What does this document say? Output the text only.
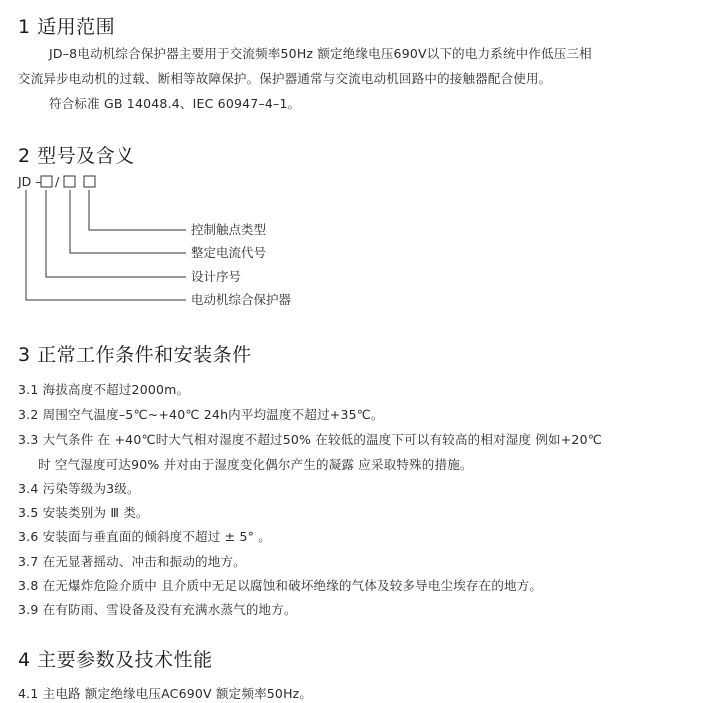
1 适用范围

JD–8电动机综合保护器主要用于交流频率50Hz 额定绝缘电压690V以下的电力系统中作低压三相

交流异步电动机的过载、断相等故障保护。保护器通常与交流电动机回路中的接触器配合使用。

符合标准 GB 14048.4、IEC 60947–4–1。

2 型号及含义
JD – /
控制触点类型
整定电流代号
设计序号
电动机综合保护器
3 正常工作条件和安装条件

3.1 海拔高度不超过2000m。

3.2 周围空气温度–5℃~+40℃ 24h内平均温度不超过+35℃。

3.3 大气条件 在 +40℃时大气相对湿度不超过50% 在较低的温度下可以有较高的相对湿度 例如+20℃

时 空气湿度可达90% 并对由于湿度变化偶尔产生的凝露 应采取特殊的措施。

3.4 污染等级为3级。

3.5 安装类别为 Ⅲ 类。

3.6 安装面与垂直面的倾斜度不超过 ± 5° 。

3.7 在无显著摇动、冲击和振动的地方。

3.8 在无爆炸危险介质中 且介质中无足以腐蚀和破坏绝缘的气体及较多导电尘埃存在的地方。

3.9 在有防雨、雪设备及没有充满水蒸气的地方。

4 主要参数及技术性能

4.1 主电路 额定绝缘电压AC690V 额定频率50Hz。
